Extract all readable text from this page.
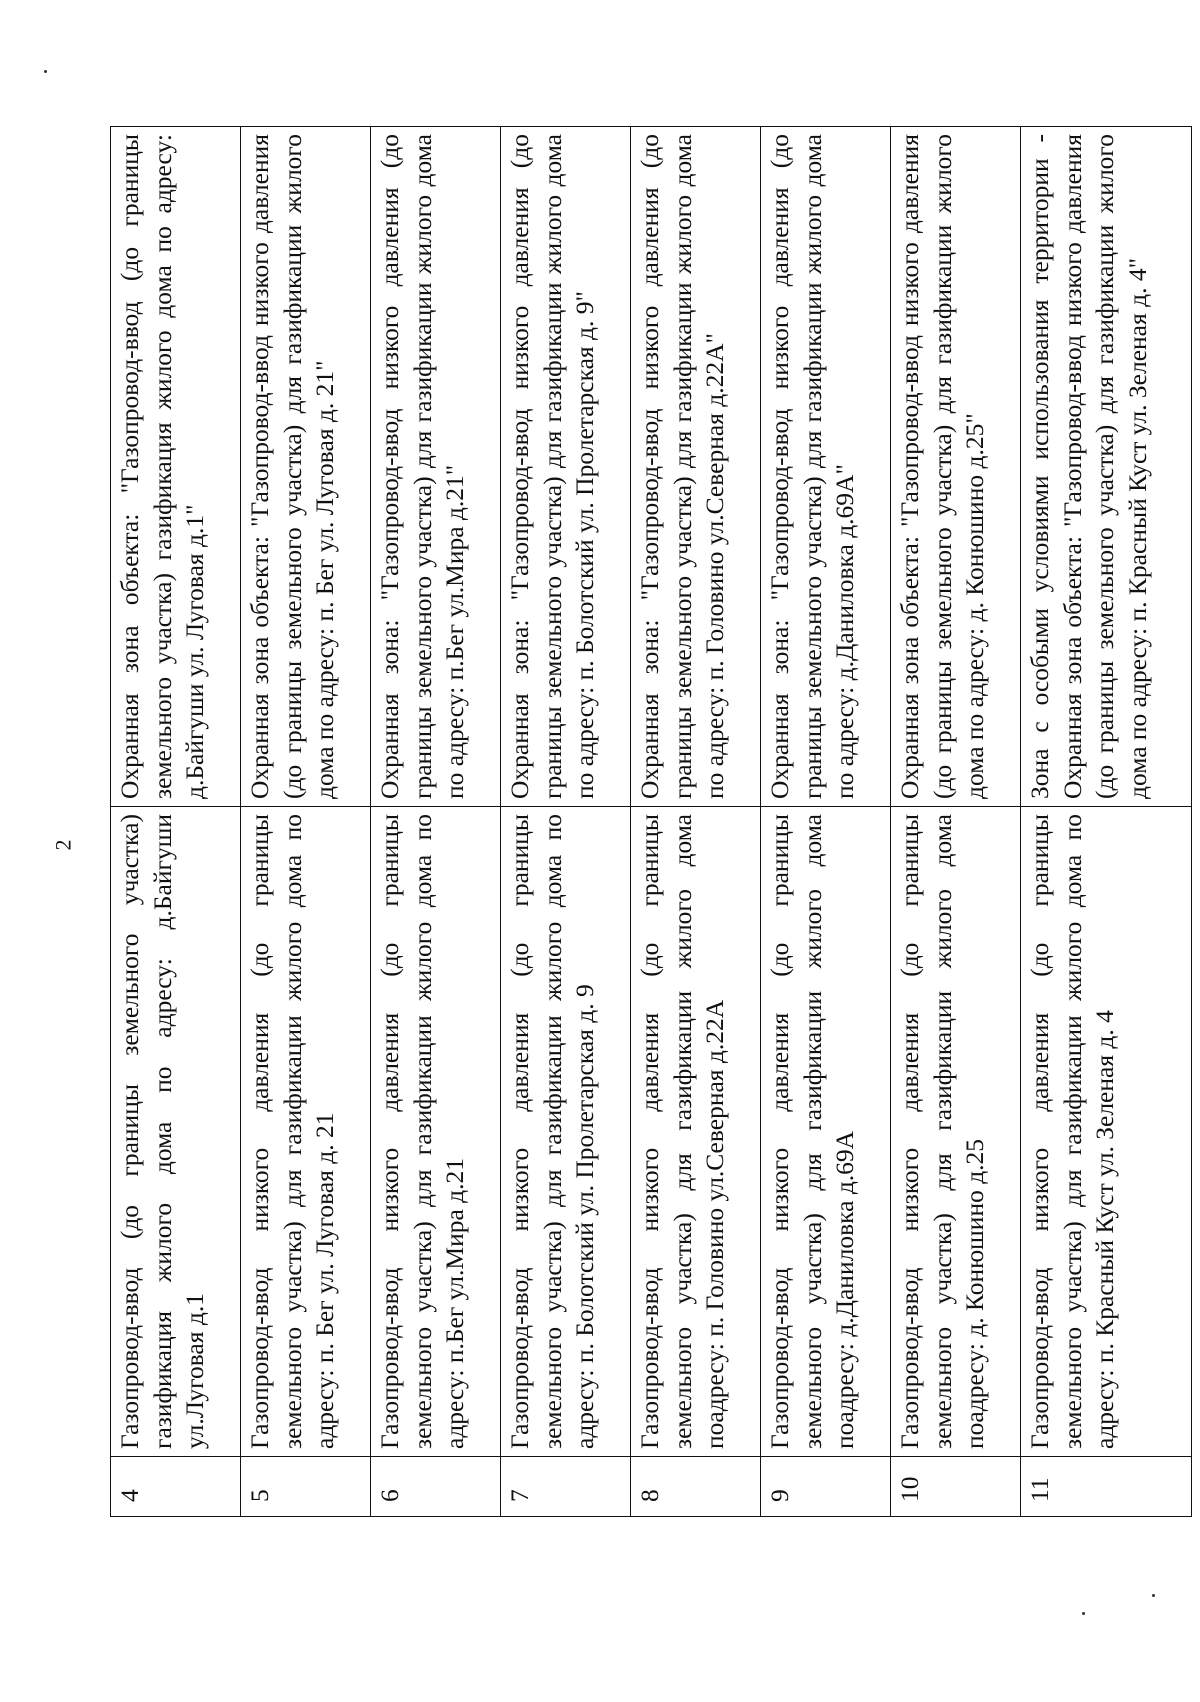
2
4	Газопровод-ввод (до границы земельного участка) газификация жилого дома по адресу: д.Байгуши ул.Луговая д.1	Охранная зона объекта: "Газопровод-ввод (до границы земельного участка) газификация жилого дома по адресу: д.Байгуши ул. Луговая д.1"
5	Газопровод-ввод низкого давления (до границы земельного участка) для газификации жилого дома по адресу: п. Бег ул. Луговая д. 21	Охранная зона объекта: "Газопровод-ввод низкого давления (до границы земельного участка) для газификации жилого дома по адресу: п. Бег ул. Луговая д. 21"
6	Газопровод-ввод низкого давления (до границы земельного участка) для газификации жилого дома по адресу: п.Бег ул.Мира д.21	Охранная зона: "Газопровод-ввод низкого давления (до границы земельного участка) для газификации жилого дома по адресу: п.Бег ул.Мира д.21"
7	Газопровод-ввод низкого давления (до границы земельного участка) для газификации жилого дома по адресу: п. Болотский ул. Пролетарская д. 9	Охранная зона: "Газопровод-ввод низкого давления (до границы земельного участка) для газификации жилого дома по адресу: п. Болотский ул. Пролетарская д. 9"
8	Газопровод-ввод низкого давления (до границы земельного участка) для газификации жилого дома поадресу: п. Головино ул.Северная д.22А	Охранная зона: "Газопровод-ввод низкого давления (до границы земельного участка) для газификации жилого дома по адресу: п. Головино ул.Северная д.22А"
9	Газопровод-ввод низкого давления (до границы земельного участка) для газификации жилого дома поадресу: д.Даниловка д.69А	Охранная зона: "Газопровод-ввод низкого давления (до границы земельного участка) для газификации жилого дома по адресу: д.Даниловка д.69А"
10	Газопровод-ввод низкого давления (до границы земельного участка) для газификации жилого дома поадресу: д. Конюшино д.25	Охранная зона объекта: "Газопровод-ввод низкого давления (до границы земельного участка) для газификации жилого дома по адресу: д. Конюшино д.25"
11	Газопровод-ввод низкого давления (до границы земельного участка) для газификации жилого дома по адресу: п. Красный Куст ул. Зеленая д. 4	Зона с особыми условиями использования территории - Охранная зона объекта: "Газопровод-ввод низкого давления (до границы земельного участка) для газификации жилого дома по адресу: п. Красный Куст ул. Зеленая д. 4"
